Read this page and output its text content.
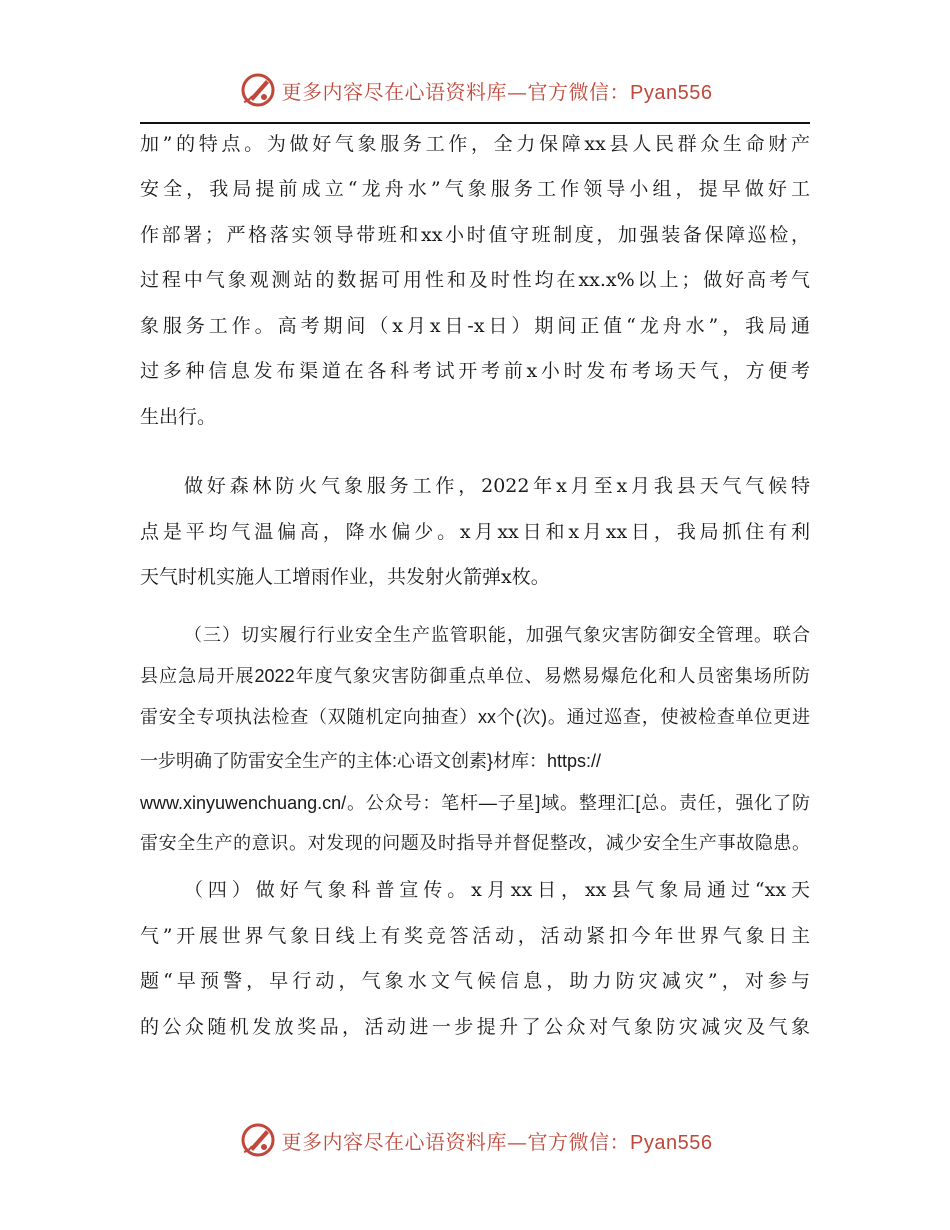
更多内容尽在心语资料库—官方微信：Pyan556
加”的特点。为做好气象服务工作，全力保障xx县人民群众生命财产
安全，我局提前成立“龙舟水”气象服务工作领导小组，提早做好工
作部署；严格落实领导带班和xx小时值守班制度，加强装备保障巡检，
过程中气象观测站的数据可用性和及时性均在xx.x%以上；做好高考气
象服务工作。高考期间（x月x日-x日）期间正值“龙舟水”，我局通
过多种信息发布渠道在各科考试开考前x小时发布考场天气，方便考
生出行。
做好森林防火气象服务工作，2022年x月至x月我县天气气候特
点是平均气温偏高，降水偏少。x月xx日和x月xx日，我局抓住有利
天气时机实施人工增雨作业，共发射火箭弹x枚。
（三）切实履行行业安全生产监管职能，加强气象灾害防御安全管理。联合
县应急局开展2022年度气象灾害防御重点单位、易燃易爆危化和人员密集场所防
雷安全专项执法检查（双随机定向抽查）xx个(次)。通过巡查，使被检查单位更进
一步明确了防雷安全生产的主体:心语文创素}材库：https://
www.xinyuwenchuang.cn/。公众号：笔杆—子星]域。整理汇[总。责任，强化了防
雷安全生产的意识。对发现的问题及时指导并督促整改，减少安全生产事故隐患。
（四）做好气象科普宣传。x月xx日，xx县气象局通过“xx天
气”开展世界气象日线上有奖竞答活动，活动紧扣今年世界气象日主
题“早预警，早行动，气象水文气候信息，助力防灾减灾”，对参与
的公众随机发放奖品，活动进一步提升了公众对气象防灾减灾及气象
更多内容尽在心语资料库—官方微信：Pyan556
